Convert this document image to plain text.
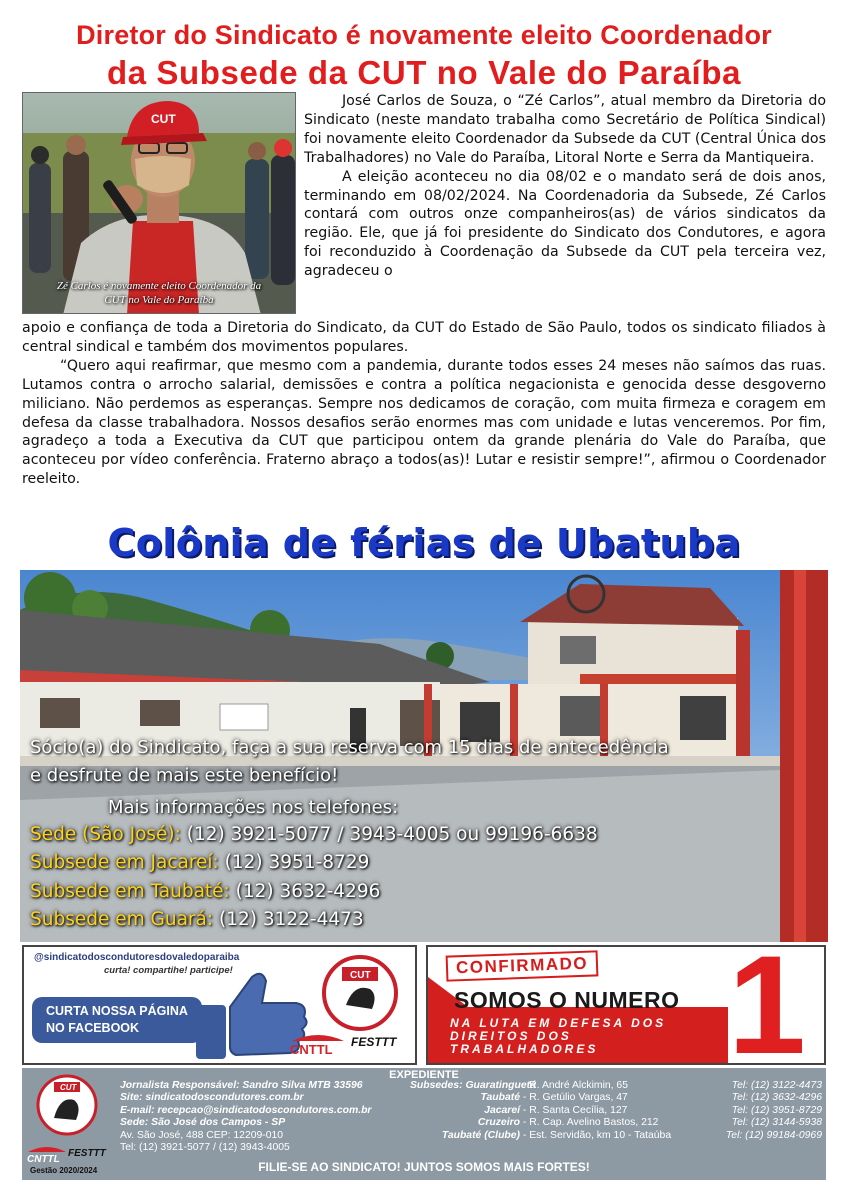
Diretor do Sindicato é novamente eleito Coordenador
da Subsede da CUT no Vale do Paraíba
CUT
Zé Carlos é novamente eleito Coordenador da
CUT no Vale do Paraíba

José Carlos de Souza, o “Zé Carlos”, atual membro da Diretoria do Sindicato (neste mandato trabalha como Secretário de Política Sindical) foi novamente eleito Coordenador da Subsede da CUT (Central Única dos Trabalhadores) no Vale do Paraíba, Litoral Norte e Serra da Mantiqueira.

A eleição aconteceu no dia 08/02 e o mandato será de dois anos, terminando em 08/02/2024. Na Coordenadoria da Subsede, Zé Carlos contará com outros onze companheiros(as) de vários sindicatos da região. Ele, que já foi presidente do Sindicato dos Condutores, e agora foi reconduzido à Coordenação da Subsede da CUT pela terceira vez, agradeceu o

apoio e confiança de toda a Diretoria do Sindicato, da CUT do Estado de São Paulo, todos os sindicato filiados à central sindical e também dos movimentos populares.

“Quero aqui reafirmar, que mesmo com a pandemia, durante todos esses 24 meses não saímos das ruas. Lutamos contra o arrocho salarial, demissões e contra a política negacionista e genocida desse desgoverno miliciano. Não perdemos as esperanças. Sempre nos dedicamos de coração, com muita firmeza e coragem em defesa da classe trabalhadora. Nossos desafios serão enormes mas com unidade e lutas venceremos. Por fim, agradeço a toda a Executiva da CUT que participou ontem da grande plenária do Vale do Paraíba, que aconteceu por vídeo conferência. Fraterno abraço a todos(as)! Lutar e resistir sempre!”, afirmou o Coordenador reeleito.

Colônia de férias de Ubatuba
Sócio(a) do Sindicato, faça a sua reserva com 15 dias de antecedência
e desfrute de mais este benefício!
Mais informações nos telefones:
Sede (São José): (12) 3921-5077 / 3943-4005 ou 99196-6638
Subsede em Jacareí: (12) 3951-8729
Subsede em Taubaté: (12) 3632-4296
Subsede em Guará: (12) 3122-4473
@sindicatodoscondutoresdovaledoparaiba
curta! compartihe! participe!
CURTA NOSSA PÁGINA
NO FACEBOOK
CUT
CNTTL FESTTT
CONFIRMADO
SOMOS O NUMERO
NA LUTA EM DEFESA DOS
DIREITOS DOS
TRABALHADORES 1
EXPEDIENTE
CUT
CNTTL
FESTTT
Gestão 2020/2024
Jornalista Responsável: Sandro Silva MTB 33596
Site: sindicatodoscondutores.com.br
E-mail: recepcao@sindicatodoscondutores.com.br
Sede: São José dos Campos - SP
Av. São José, 488 CEP: 12209-010
Tel: (12) 3921-5077 / (12) 3943-4005
Subsedes: Guaratinguetá - R. André Alckimin, 65
Taubaté - R. Getúlio Vargas, 47
Jacareí - R. Santa Cecília, 127
Cruzeiro - R. Cap. Avelino Bastos, 212
Taubaté (Clube) - Est. Servidão, km 10 - Tataúba
Tel: (12) 3122-4473
Tel: (12) 3632-4296
Tel: (12) 3951-8729
Tel: (12) 3144-5938
Tel: (12) 99184-0969
FILIE-SE AO SINDICATO! JUNTOS SOMOS MAIS FORTES!
